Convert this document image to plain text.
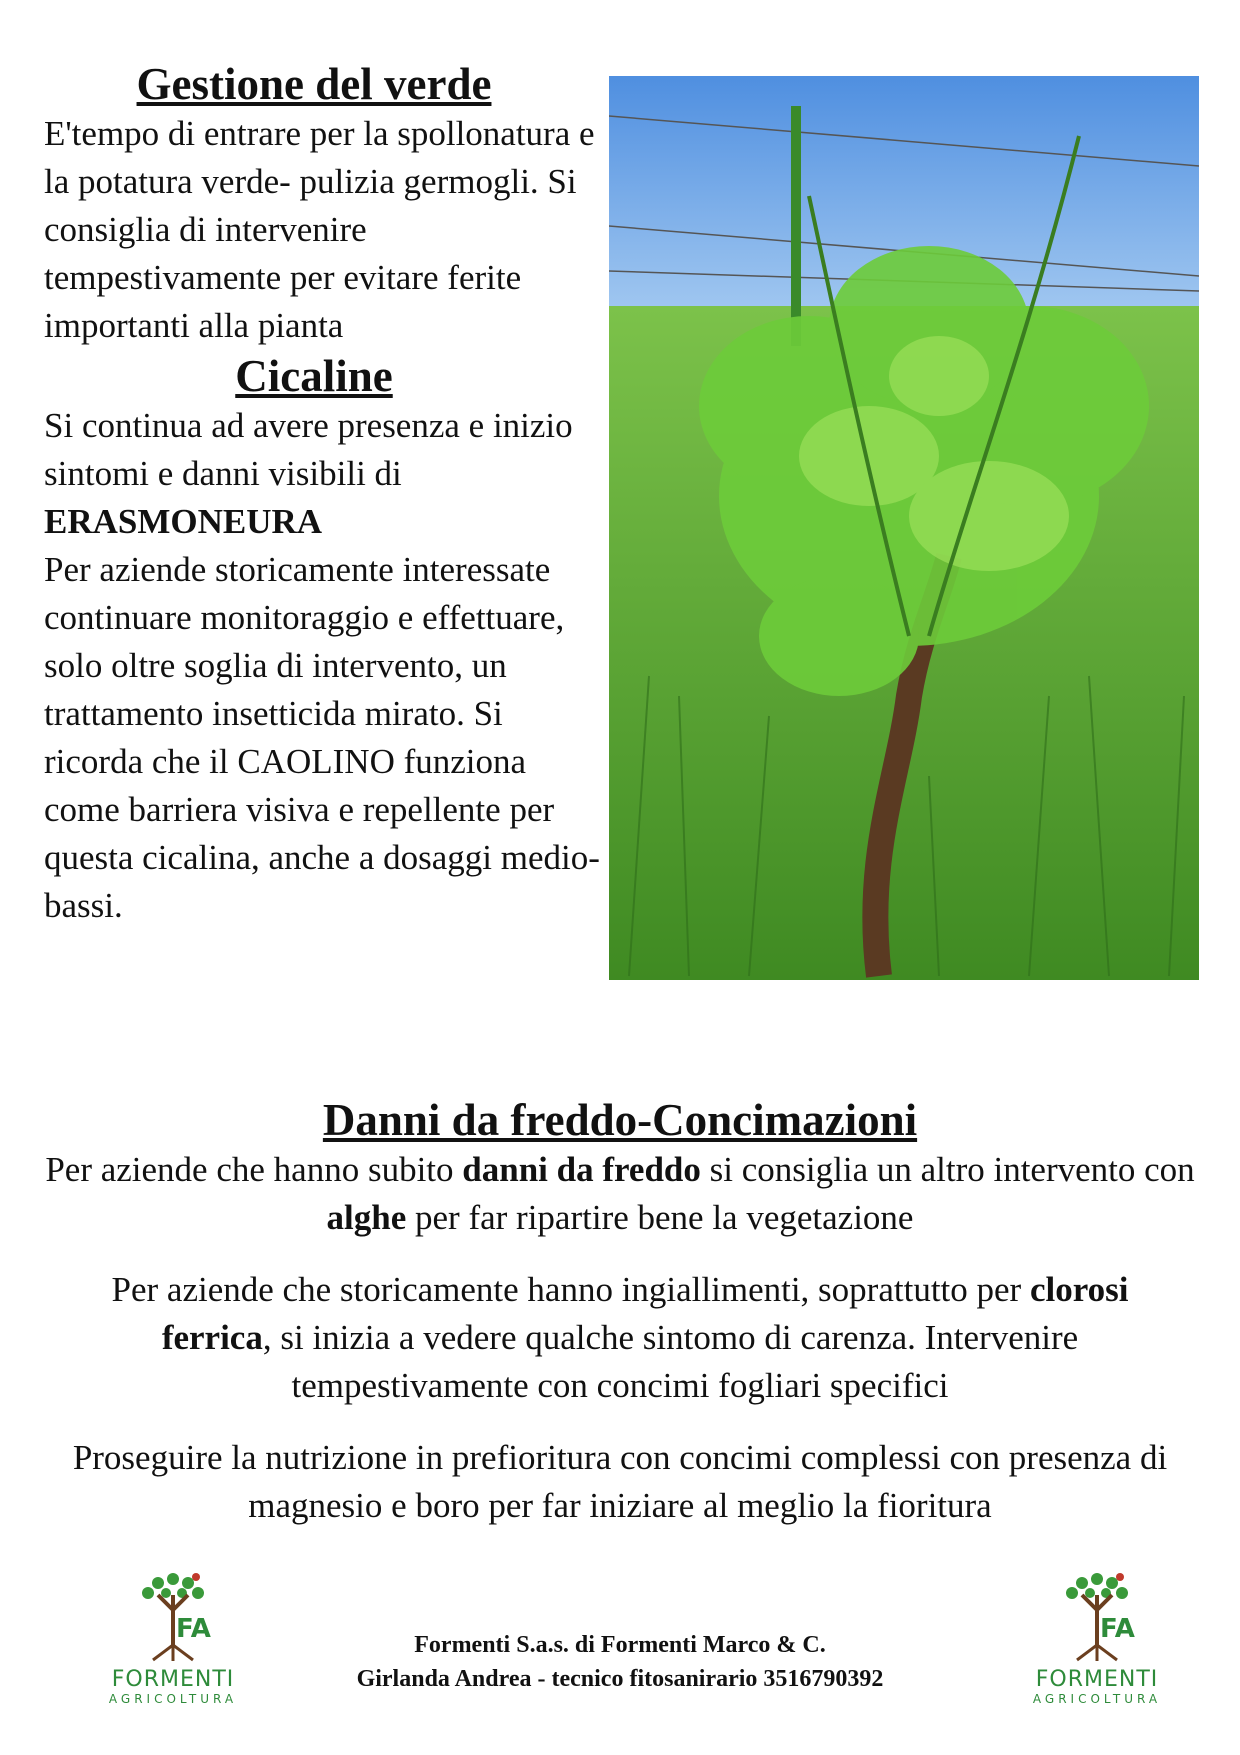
Gestione del verde

E'tempo di entrare per la spollonatura e la potatura verde- pulizia germogli. Si consiglia di intervenire tempestivamente per evitare ferite importanti alla pianta

Cicaline

Si continua ad avere presenza e inizio sintomi e danni visibili di

ERASMONEURA

Per aziende storicamente interessate continuare monitoraggio e effettuare, solo oltre soglia di intervento, un trattamento insetticida mirato. Si ricorda che il CAOLINO funziona come barriera visiva e repellente per questa cicalina, anche a dosaggi medio-bassi.

Danni da freddo-Concimazioni

Per aziende che hanno subito danni da freddo si consiglia un altro intervento con alghe per far ripartire bene la vegetazione

Per aziende che storicamente hanno ingiallimenti, soprattutto per clorosi ferrica, si inizia a vedere qualche sintomo di carenza. Intervenire tempestivamente con concimi fogliari specifici

Proseguire la nutrizione in prefioritura con concimi complessi con presenza di magnesio e boro per far iniziare al meglio la fioritura

FA
FORMENTI
AGRICOLTURA
Formenti S.a.s. di Formenti Marco & C.
Girlanda Andrea - tecnico fitosanirario 3516790392
FA
FORMENTI
AGRICOLTURA
